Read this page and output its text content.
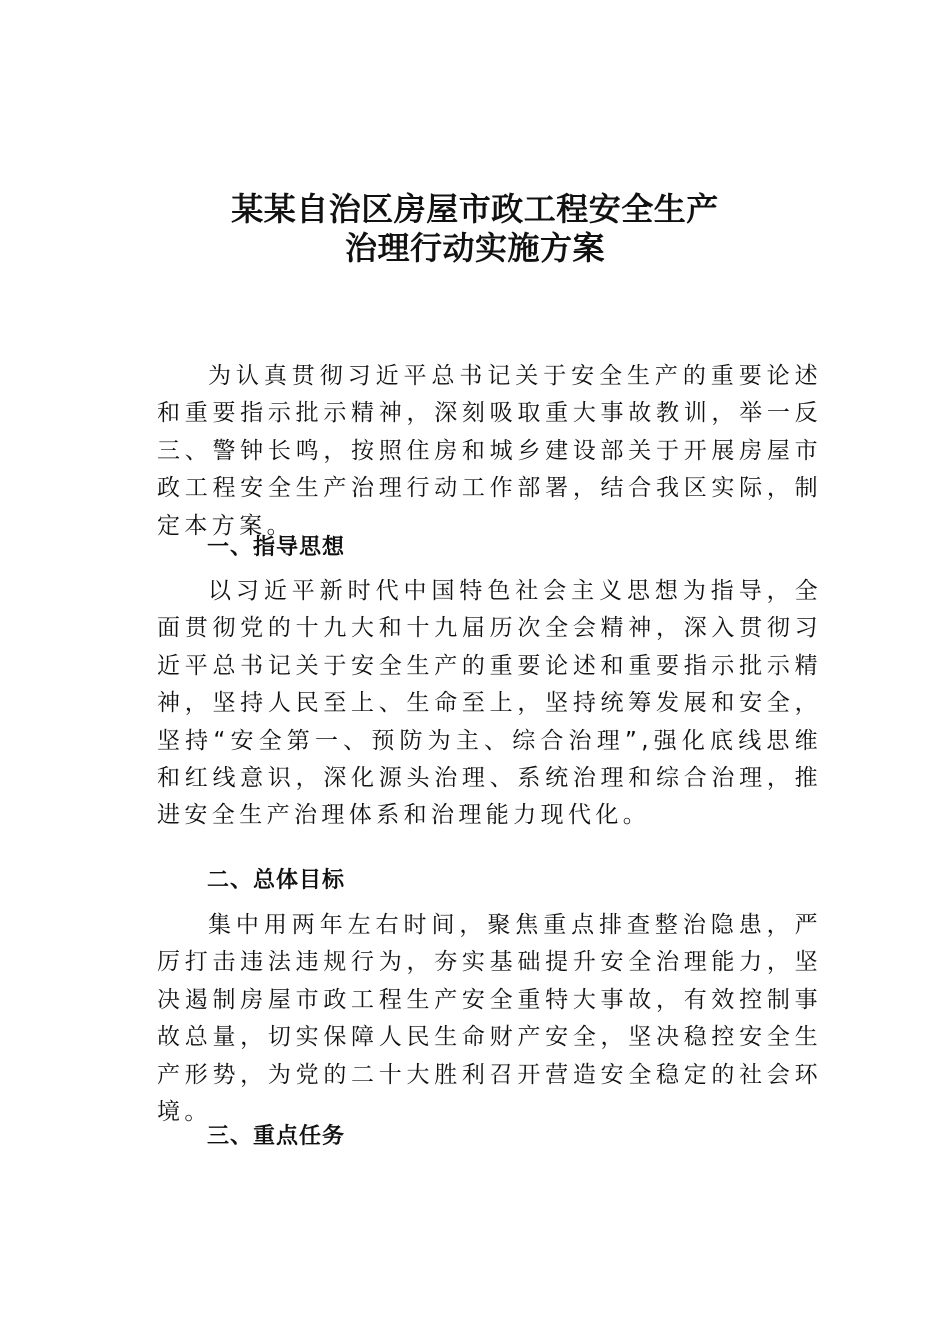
某某自治区房屋市政工程安全生产
治理行动实施方案
为认真贯彻习近平总书记关于安全生产的重要论述和重要指示批示精神，深刻吸取重大事故教训，举一反三、警钟长鸣，按照住房和城乡建设部关于开展房屋市政工程安全生产治理行动工作部署，结合我区实际，制定本方案。
一、指导思想
以习近平新时代中国特色社会主义思想为指导，全面贯彻党的十九大和十九届历次全会精神，深入贯彻习近平总书记关于安全生产的重要论述和重要指示批示精神，坚持人民至上、生命至上，坚持统筹发展和安全，坚持“安全第一、预防为主、综合治理”,强化底线思维和红线意识，深化源头治理、系统治理和综合治理，推进安全生产治理体系和治理能力现代化。
二、总体目标
集中用两年左右时间，聚焦重点排查整治隐患，严厉打击违法违规行为，夯实基础提升安全治理能力，坚决遏制房屋市政工程生产安全重特大事故，有效控制事故总量，切实保障人民生命财产安全，坚决稳控安全生产形势，为党的二十大胜利召开营造安全稳定的社会环境。
三、重点任务
